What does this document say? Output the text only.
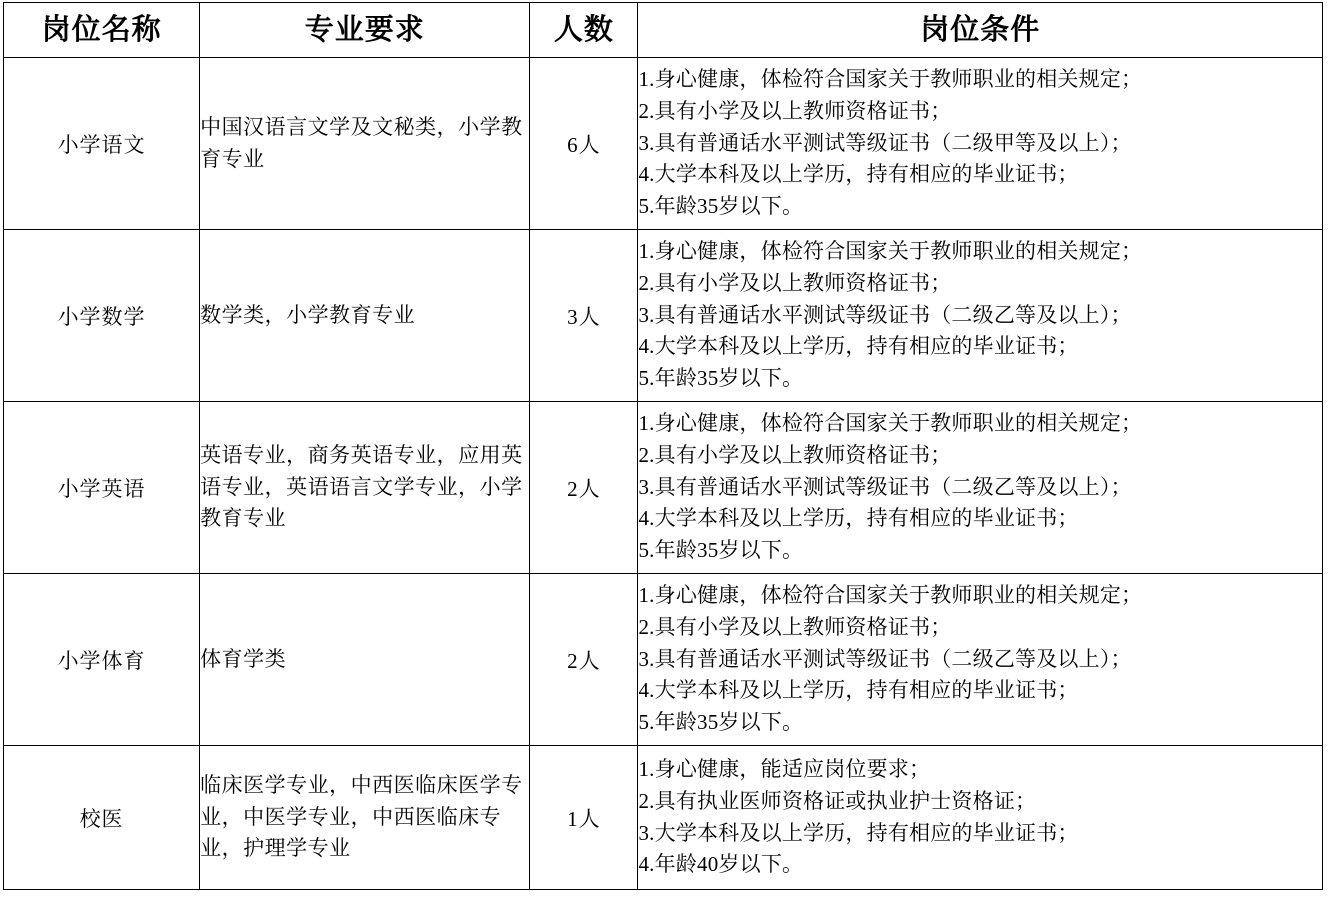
岗位名称	专业要求	人数	岗位条件
小学语文	中国汉语言文学及文秘类，小学教育专业	6人	1.身心健康，体检符合国家关于教师职业的相关规定；
2.具有小学及以上教师资格证书；
3.具有普通话水平测试等级证书（二级甲等及以上）；
4.大学本科及以上学历，持有相应的毕业证书；
5.年龄35岁以下。

小学数学	数学类，小学教育专业	3人	1.身心健康，体检符合国家关于教师职业的相关规定；
2.具有小学及以上教师资格证书；
3.具有普通话水平测试等级证书（二级乙等及以上）；
4.大学本科及以上学历，持有相应的毕业证书；
5.年龄35岁以下。

小学英语	英语专业，商务英语专业，应用英语专业，英语语言文学专业，小学教育专业	2人	1.身心健康，体检符合国家关于教师职业的相关规定；
2.具有小学及以上教师资格证书；
3.具有普通话水平测试等级证书（二级乙等及以上）；
4.大学本科及以上学历，持有相应的毕业证书；
5.年龄35岁以下。

小学体育	体育学类	2人	1.身心健康，体检符合国家关于教师职业的相关规定；
2.具有小学及以上教师资格证书；
3.具有普通话水平测试等级证书（二级乙等及以上）；
4.大学本科及以上学历，持有相应的毕业证书；
5.年龄35岁以下。

校医	临床医学专业，中西医临床医学专业，中医学专业，中西医临床专业，护理学专业	1人	1.身心健康，能适应岗位要求；
2.具有执业医师资格证或执业护士资格证；
3.大学本科及以上学历，持有相应的毕业证书；
4.年龄40岁以下。
